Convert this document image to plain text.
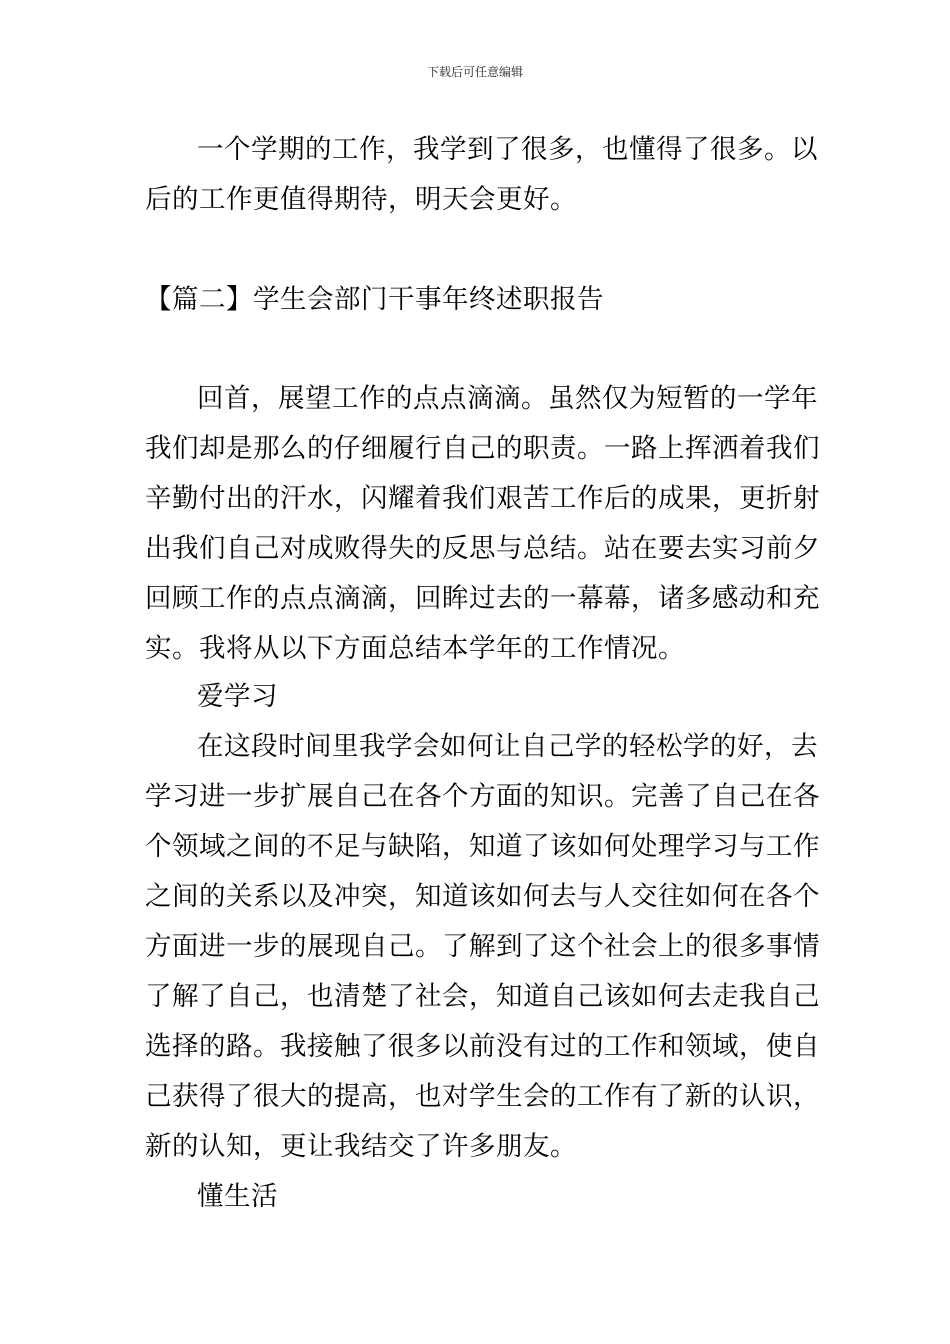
下载后可任意编辑
一个学期的工作，我学到了很多，也懂得了很多。以
后的工作更值得期待，明天会更好。
【篇二】学生会部门干事年终述职报告
回首，展望工作的点点滴滴。虽然仅为短暂的一学年
我们却是那么的仔细履行自己的职责。一路上挥洒着我们
辛勤付出的汗水，闪耀着我们艰苦工作后的成果，更折射
出我们自己对成败得失的反思与总结。站在要去实习前夕
回顾工作的点点滴滴，回眸过去的一幕幕，诸多感动和充
实。我将从以下方面总结本学年的工作情况。
爱学习
在这段时间里我学会如何让自己学的轻松学的好，去
学习进一步扩展自己在各个方面的知识。完善了自己在各
个领域之间的不足与缺陷，知道了该如何处理学习与工作
之间的关系以及冲突，知道该如何去与人交往如何在各个
方面进一步的展现自己。了解到了这个社会上的很多事情
了解了自己，也清楚了社会，知道自己该如何去走我自己
选择的路。我接触了很多以前没有过的工作和领域，使自
己获得了很大的提高，也对学生会的工作有了新的认识，
新的认知，更让我结交了许多朋友。
懂生活
